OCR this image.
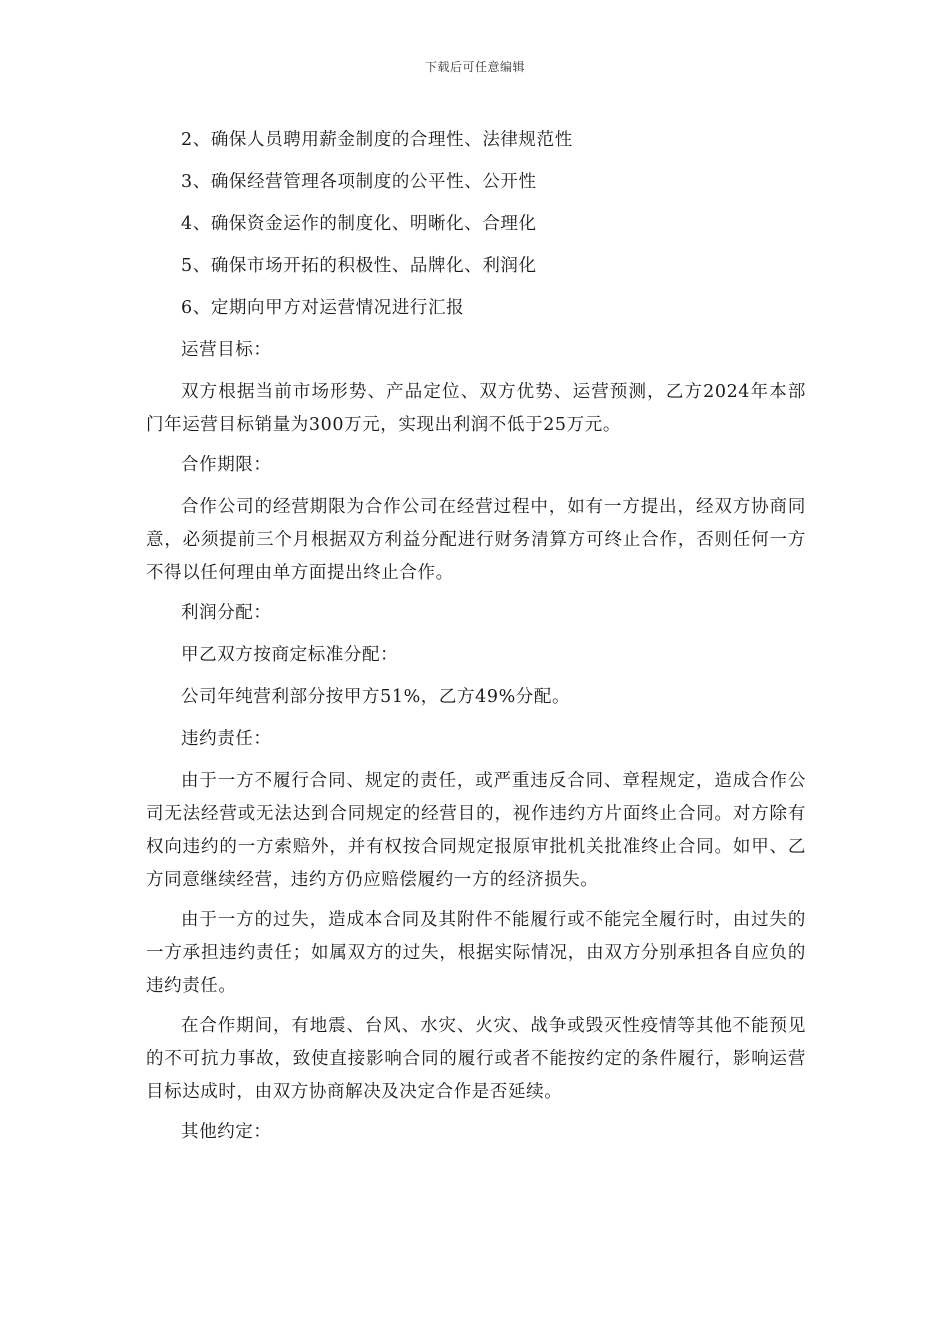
下载后可任意编辑

2、确保人员聘用薪金制度的合理性、法律规范性

3、确保经营管理各项制度的公平性、公开性

4、确保资金运作的制度化、明晰化、合理化

5、确保市场开拓的积极性、品牌化、利润化

6、定期向甲方对运营情况进行汇报

运营目标：

双方根据当前市场形势、产品定位、双方优势、运营预测，乙方2024年本部门年运营目标销量为300万元，实现出利润不低于25万元。

合作期限：

合作公司的经营期限为合作公司在经营过程中，如有一方提出，经双方协商同意，必须提前三个月根据双方利益分配进行财务清算方可终止合作，否则任何一方不得以任何理由单方面提出终止合作。

利润分配：

甲乙双方按商定标准分配：

公司年纯营利部分按甲方51%，乙方49%分配。

违约责任：

由于一方不履行合同、规定的责任，或严重违反合同、章程规定，造成合作公司无法经营或无法达到合同规定的经营目的，视作违约方片面终止合同。对方除有权向违约的一方索赔外，并有权按合同规定报原审批机关批准终止合同。如甲、乙方同意继续经营，违约方仍应赔偿履约一方的经济损失。

由于一方的过失，造成本合同及其附件不能履行或不能完全履行时，由过失的一方承担违约责任；如属双方的过失，根据实际情况，由双方分别承担各自应负的违约责任。

在合作期间，有地震、台风、水灾、火灾、战争或毁灭性疫情等其他不能预见的不可抗力事故，致使直接影响合同的履行或者不能按约定的条件履行，影响运营目标达成时，由双方协商解决及决定合作是否延续。

其他约定：
